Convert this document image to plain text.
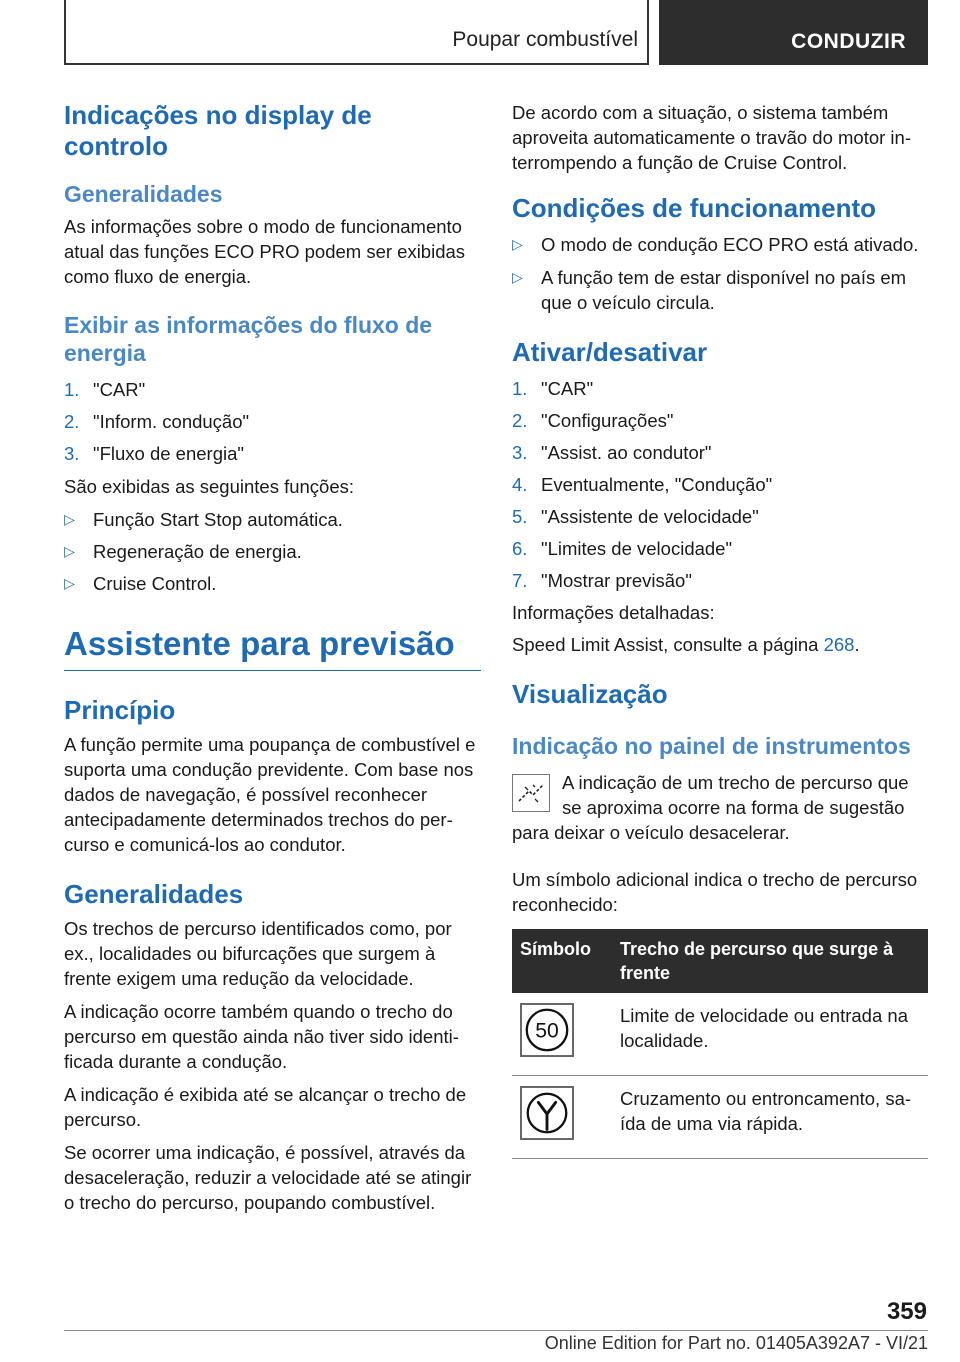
Poupar combustível	CONDUZIR
Indicações no display de controlo
Generalidades

As informações sobre o modo de funcionamento atual das funções ECO PRO podem ser exibidas como fluxo de energia.

Exibir as informações do fluxo de energia
1. "CAR"
2. "Inform. condução"
3. "Fluxo de energia"

São exibidas as seguintes funções:

▷ Função Start Stop automática.
▷ Regeneração de energia.
▷ Cruise Control.
Assistente para previsão
Princípio

A função permite uma poupança de combustível e suporta uma condução previdente. Com base nos dados de navegação, é possível reconhecer antecipadamente determinados trechos do percurso e comunicá-los ao condutor.

Generalidades

Os trechos de percurso identificados como, por ex., localidades ou bifurcações que surgem à frente exigem uma redução da velocidade.

A indicação ocorre também quando o trecho do percurso em questão ainda não tiver sido identificada durante a condução.

A indicação é exibida até se alcançar o trecho de percurso.

Se ocorrer uma indicação, é possível, através da desaceleração, reduzir a velocidade até se atingir o trecho do percurso, poupando combustível.

De acordo com a situação, o sistema também aproveita automaticamente o travão do motor interrompendo a função de Cruise Control.

Condições de funcionamento
▷ O modo de condução ECO PRO está ativado.
▷ A função tem de estar disponível no país em que o veículo circula.
Ativar/desativar
1. "CAR"
2. "Configurações"
3. "Assist. ao condutor"
4. Eventualmente, "Condução"
5. "Assistente de velocidade"
6. "Limites de velocidade"
7. "Mostrar previsão"

Informações detalhadas:

Speed Limit Assist, consulte a página 268.

Visualização
Indicação no painel de instrumentos

A indicação de um trecho de percurso que se aproxima ocorre na forma de sugestão para deixar o veículo desacelerar.

Um símbolo adicional indica o trecho de percurso reconhecido:

Símbolo	Trecho de percurso que surge à frente

50	Limite de velocidade ou entrada na localidade.
	Cruzamento ou entroncamento, saída de uma via rápida.
359
Online Edition for Part no. 01405A392A7 - VI/21
